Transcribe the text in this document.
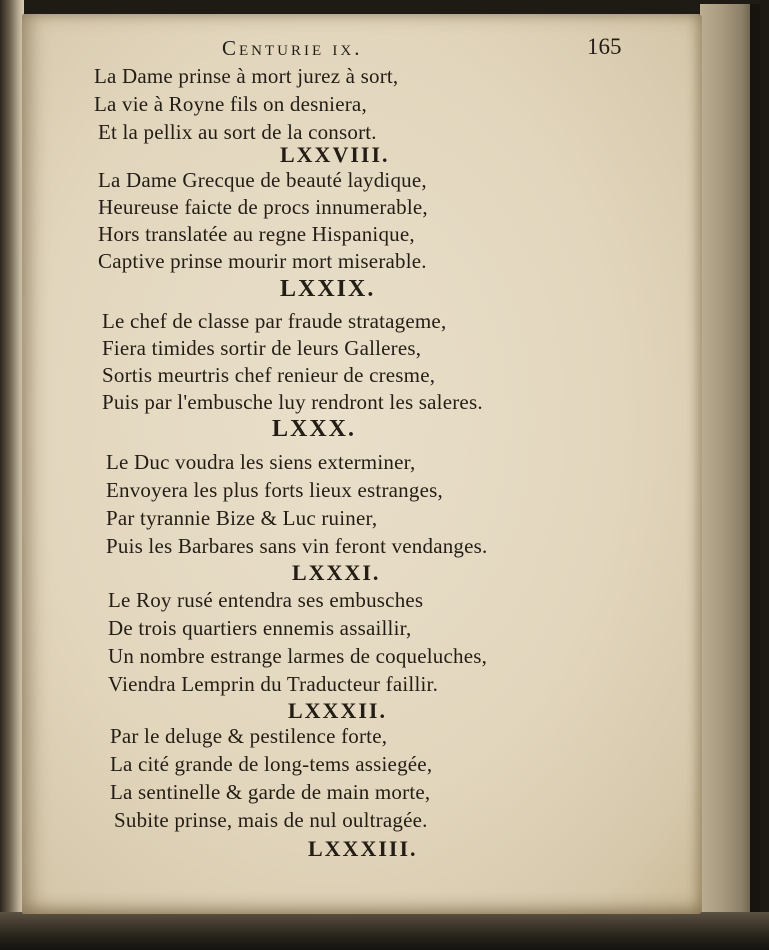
Centurie ix.	165
La Dame prinse à mort jurez à sort,
La vie à Royne fils on desniera,
Et la pellix au sort de la consort.
LXXVIII.
La Dame Grecque de beauté laydique,
Heureuse faicte de procs innumerable,
Hors translatée au regne Hispanique,
Captive prinse mourir mort miserable.
LXXIX.
Le chef de classe par fraude stratageme,
Fiera timides sortir de leurs Galleres,
Sortis meurtris chef renieur de cresme,
Puis par l'embusche luy rendront les saleres.
LXXX.
Le Duc voudra les siens exterminer,
Envoyera les plus forts lieux estranges,
Par tyrannie Bize & Luc ruiner,
Puis les Barbares sans vin feront vendanges.
LXXXI.
Le Roy rusé entendra ses embusches
De trois quartiers ennemis assaillir,
Un nombre estrange larmes de coqueluches,
Viendra Lemprin du Traducteur faillir.
LXXXII.
Par le deluge & pestilence forte,
La cité grande de long-tems assiegée,
La sentinelle & garde de main morte,
Subite prinse, mais de nul oultragée.
LXXXIII.
